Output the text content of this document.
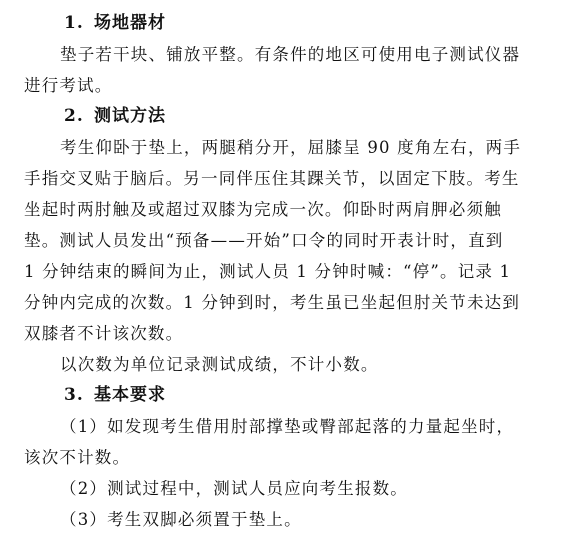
1. 场地器材
垫子若干块、铺放平整。有条件的地区可使用电子测试仪器
进行考试。
2. 测试方法
考生仰卧于垫上，两腿稍分开，屈膝呈 90 度角左右，两手
手指交叉贴于脑后。另一同伴压住其踝关节，以固定下肢。考生
坐起时两肘触及或超过双膝为完成一次。仰卧时两肩胛必须触
垫。测试人员发出“预备——开始”口令的同时开表计时，直到
1 分钟结束的瞬间为止，测试人员 1 分钟时喊：“停”。记录 1
分钟内完成的次数。1 分钟到时，考生虽已坐起但肘关节未达到
双膝者不计该次数。
以次数为单位记录测试成绩，不计小数。
3. 基本要求
（1）如发现考生借用肘部撑垫或臀部起落的力量起坐时，
该次不计数。
（2）测试过程中，测试人员应向考生报数。
（3）考生双脚必须置于垫上。
